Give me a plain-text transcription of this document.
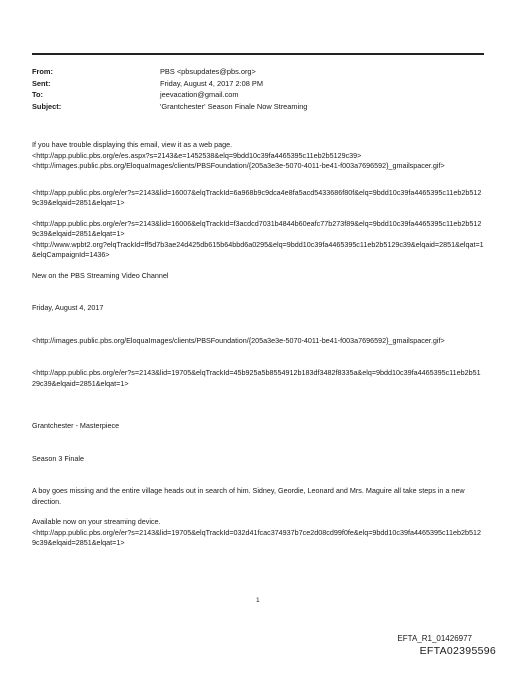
From:	PBS <pbsupdates@pbs.org>
Sent:	Friday, August 4, 2017 2:08 PM
To:	jeevacation@gmail.com
Subject:	'Grantchester' Season Finale Now Streaming
If you have trouble displaying this email, view it as a web page.
<http://app.public.pbs.org/e/es.aspx?s=2143&e=1452538&elq=9bdd10c39fa4465395c11eb2b5129c39>
<http://images.public.pbs.org/EloquaImages/clients/PBSFoundation/{205a3e3e-5070-4011-be41-f003a7696592}_gmailspacer.gif>
<http://app.public.pbs.org/e/er?s=2143&lid=16007&elqTrackId=6a968b9c9dca4e8fa5acd5433686f80f&elq=9bdd10c39fa4465395c11eb2b5129c39&elqaid=2851&elqat=1>
<http://app.public.pbs.org/e/er?s=2143&lid=16006&elqTrackId=f3acdcd7031b4844b60eafc77b273f89&elq=9bdd10c39fa4465395c11eb2b5129c39&elqaid=2851&elqat=1>
<http://www.wpbt2.org?elqTrackId=ff5d7b3ae24d425db615b64bbd6a0295&elq=9bdd10c39fa4465395c11eb2b5129c39&elqaid=2851&elqat=1&elqCampaignId=1436>
New on the PBS Streaming Video Channel
Friday, August 4, 2017
<http://images.public.pbs.org/EloquaImages/clients/PBSFoundation/{205a3e3e-5070-4011-be41-f003a7696592}_gmailspacer.gif>
<http://app.public.pbs.org/e/er?s=2143&lid=19705&elqTrackId=45b925a5b8554912b183df3482f8335a&elq=9bdd10c39fa4465395c11eb2b5129c39&elqaid=2851&elqat=1>
Grantchester - Masterpiece
Season 3 Finale
A boy goes missing and the entire village heads out in search of him. Sidney, Geordie, Leonard and Mrs. Maguire all take steps in a new direction.
Available now on your streaming device.
<http://app.public.pbs.org/e/er?s=2143&lid=19705&elqTrackId=032d41fcac374937b7ce2d08cd99f0fe&elq=9bdd10c39fa4465395c11eb2b5129c39&elqaid=2851&elqat=1>
1
EFTA_R1_01426977
EFTA02395596
